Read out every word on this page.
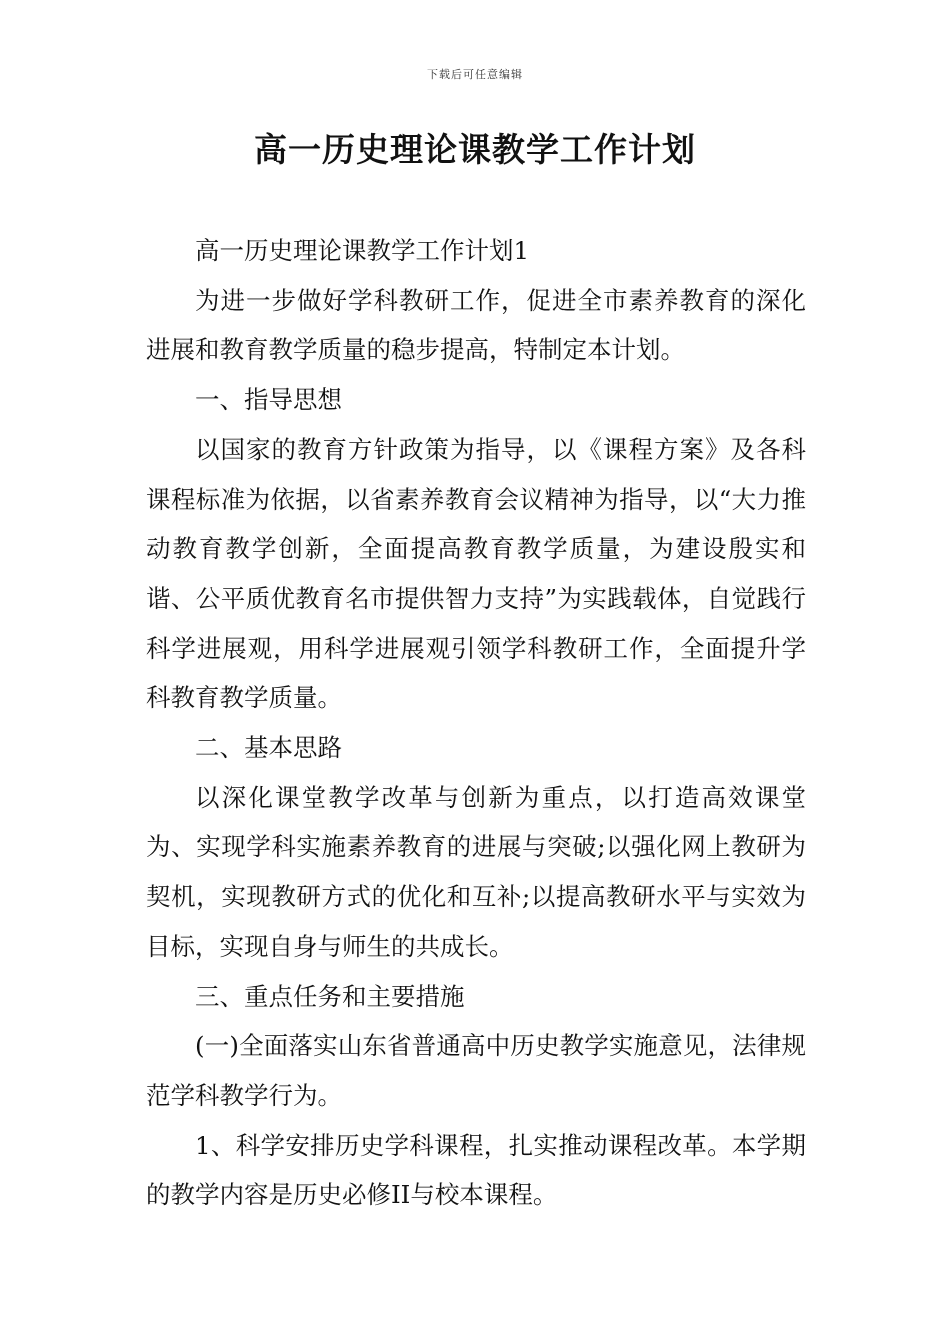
下载后可任意编辑
高一历史理论课教学工作计划

高一历史理论课教学工作计划1

为进一步做好学科教研工作，促进全市素养教育的深化进展和教育教学质量的稳步提高，特制定本计划。

一、指导思想

以国家的教育方针政策为指导，以《课程方案》及各科课程标准为依据，以省素养教育会议精神为指导，以“大力推动教育教学创新，全面提高教育教学质量，为建设殷实和谐、公平质优教育名市提供智力支持”为实践载体，自觉践行科学进展观，用科学进展观引领学科教研工作，全面提升学科教育教学质量。

二、基本思路

以深化课堂教学改革与创新为重点，以打造高效课堂为、实现学科实施素养教育的进展与突破;以强化网上教研为契机，实现教研方式的优化和互补;以提高教研水平与实效为目标，实现自身与师生的共成长。

三、重点任务和主要措施

(一)全面落实山东省普通高中历史教学实施意见，法律规范学科教学行为。

1、科学安排历史学科课程，扎实推动课程改革。本学期的教学内容是历史必修II与校本课程。
